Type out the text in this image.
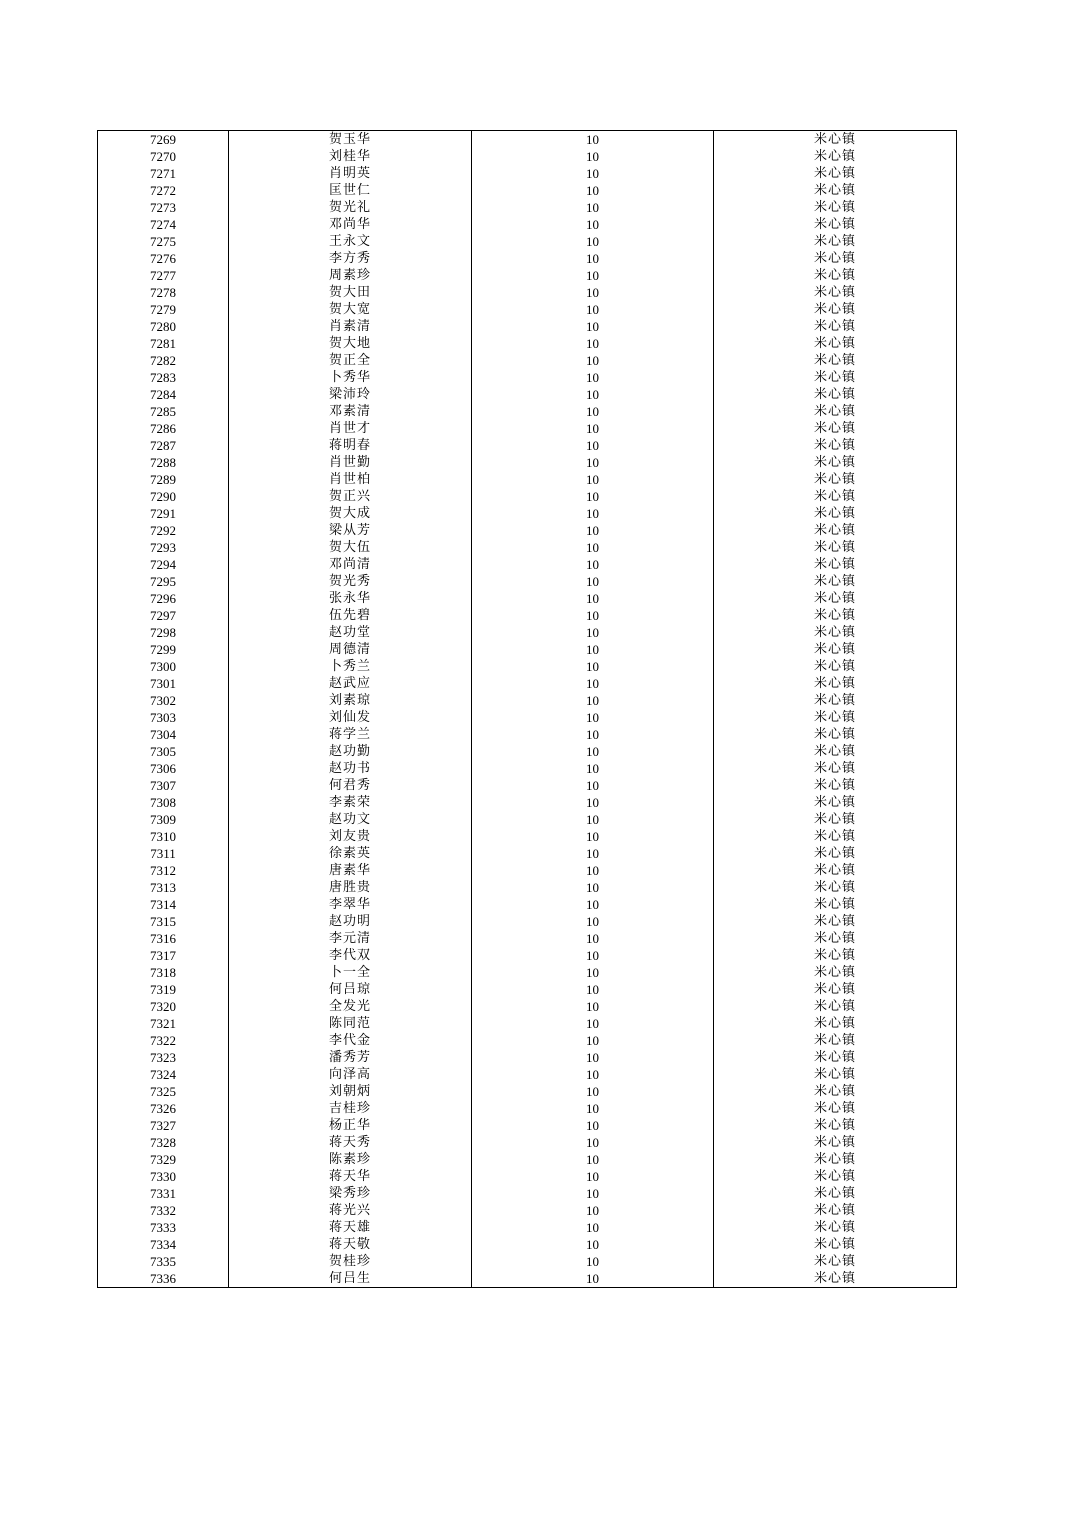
7269	贺玉华	10	米心镇
7270	刘桂华	10	米心镇
7271	肖明英	10	米心镇
7272	匡世仁	10	米心镇
7273	贺光礼	10	米心镇
7274	邓尚华	10	米心镇
7275	王永文	10	米心镇
7276	李方秀	10	米心镇
7277	周素珍	10	米心镇
7278	贺大田	10	米心镇
7279	贺大宽	10	米心镇
7280	肖素清	10	米心镇
7281	贺大地	10	米心镇
7282	贺正全	10	米心镇
7283	卜秀华	10	米心镇
7284	梁沛玲	10	米心镇
7285	邓素清	10	米心镇
7286	肖世才	10	米心镇
7287	蒋明春	10	米心镇
7288	肖世勤	10	米心镇
7289	肖世柏	10	米心镇
7290	贺正兴	10	米心镇
7291	贺大成	10	米心镇
7292	梁从芳	10	米心镇
7293	贺大伍	10	米心镇
7294	邓尚清	10	米心镇
7295	贺光秀	10	米心镇
7296	张永华	10	米心镇
7297	伍先碧	10	米心镇
7298	赵功堂	10	米心镇
7299	周德清	10	米心镇
7300	卜秀兰	10	米心镇
7301	赵武应	10	米心镇
7302	刘素琼	10	米心镇
7303	刘仙发	10	米心镇
7304	蒋学兰	10	米心镇
7305	赵功勤	10	米心镇
7306	赵功书	10	米心镇
7307	何君秀	10	米心镇
7308	李素荣	10	米心镇
7309	赵功文	10	米心镇
7310	刘友贵	10	米心镇
7311	徐素英	10	米心镇
7312	唐素华	10	米心镇
7313	唐胜贵	10	米心镇
7314	李翠华	10	米心镇
7315	赵功明	10	米心镇
7316	李元清	10	米心镇
7317	李代双	10	米心镇
7318	卜一全	10	米心镇
7319	何吕琼	10	米心镇
7320	全发光	10	米心镇
7321	陈同范	10	米心镇
7322	李代金	10	米心镇
7323	潘秀芳	10	米心镇
7324	向泽高	10	米心镇
7325	刘朝炳	10	米心镇
7326	吉桂珍	10	米心镇
7327	杨正华	10	米心镇
7328	蒋天秀	10	米心镇
7329	陈素珍	10	米心镇
7330	蒋天华	10	米心镇
7331	梁秀珍	10	米心镇
7332	蒋光兴	10	米心镇
7333	蒋天雄	10	米心镇
7334	蒋天敬	10	米心镇
7335	贺桂珍	10	米心镇
7336	何吕生	10	米心镇
